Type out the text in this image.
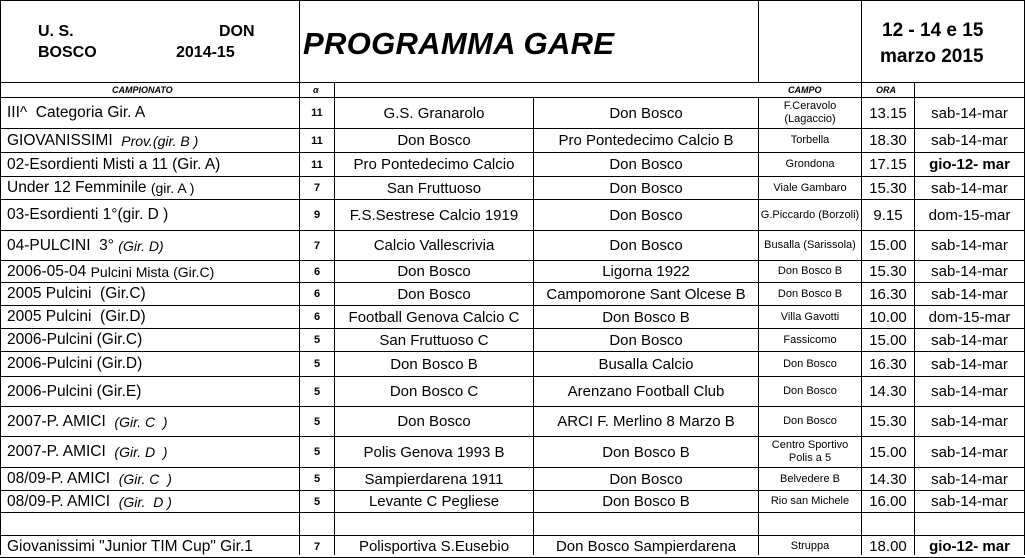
U. S.
BOSCO
DON
2014-15 PROGRAMMA GARE	12 - 14 e 15
marzo 2015
CAMPIONATO	α	CAMPO	ORA
III^  Categoria Gir. A	11	G.S. Granarolo	Don Bosco	F.Ceravolo (Lagaccio)	13.15	sab-14-mar
GIOVANISSIMI Prov.(gir. B )	11	Don Bosco	Pro Pontedecimo Calcio B	Torbella	18.30	sab-14-mar
02-Esordienti Misti a 11 (Gir. A)	11	Pro Pontedecimo Calcio	Don Bosco	Grondona	17.15	gio-12- mar
Under 12 Femminile (gir. A )	7	San Fruttuoso	Don Bosco	Viale Gambaro	15.30	sab-14-mar
03-Esordienti 1°(gir. D )	9	F.S.Sestrese Calcio 1919	Don Bosco	G.Piccardo (Borzoli) 9.15	dom-15-mar
04-PULCINI  3° (Gir. D)	7	Calcio Vallescrivia	Don Bosco	Busalla (Sarissola) 15.00	sab-14-mar
2006-05-04 Pulcini Mista (Gir.C)	6	Don Bosco	Ligorna 1922	Don Bosco B	15.30	sab-14-mar
2005 Pulcini  (Gir.C)	6	Don Bosco	Campomorone Sant Olcese B	Don Bosco B	16.30	sab-14-mar
2005 Pulcini  (Gir.D)	6	Football Genova Calcio C	Don Bosco B	Villa Gavotti	10.00	dom-15-mar
2006-Pulcini (Gir.C)	5	San Fruttuoso C	Don Bosco	Fassicomo	15.00	sab-14-mar
2006-Pulcini (Gir.D)	5	Don Bosco B	Busalla Calcio	Don Bosco	16.30	sab-14-mar
2006-Pulcini (Gir.E)	5	Don Bosco C	Arenzano Football Club	Don Bosco	14.30	sab-14-mar
2007-P. AMICI (Gir. C  )	5	Don Bosco	ARCI F. Merlino 8 Marzo B	Don Bosco	15.30	sab-14-mar
2007-P. AMICI (Gir. D  )	5	Polis Genova 1993 B	Don Bosco B	Centro Sportivo Polis a 5	15.00	sab-14-mar
08/09-P. AMICI (Gir. C  )	5	Sampierdarena 1911	Don Bosco	Belvedere B	14.30	sab-14-mar
08/09-P. AMICI (Gir.  D )	5	Levante C Pegliese	Don Bosco B	Rio san Michele	16.00	sab-14-mar
Giovanissimi "Junior TIM Cup" Gir.1	7	Polisportiva S.Eusebio	Don Bosco Sampierdarena	Struppa	18.00	gio-12- mar
